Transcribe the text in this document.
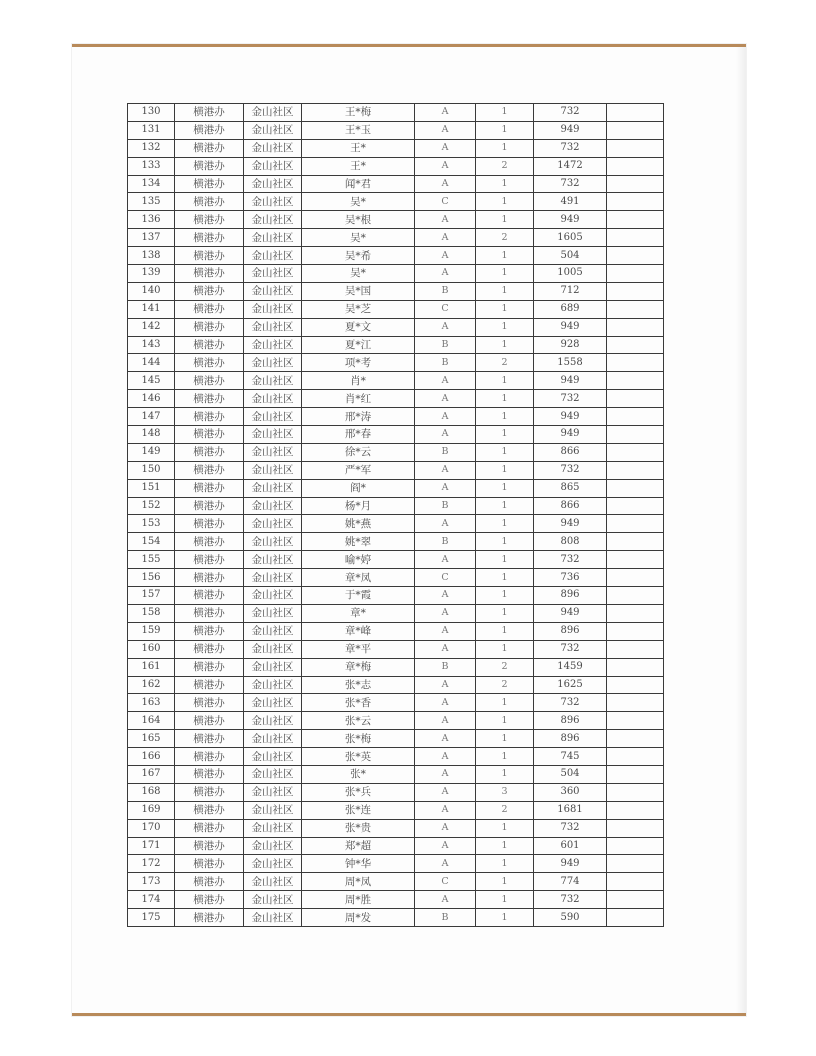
130	横港办	金山社区	王*梅	A	1	732	
131	横港办	金山社区	王*玉	A	1	949	
132	横港办	金山社区	王*	A	1	732	
133	横港办	金山社区	王*	A	2	1472	
134	横港办	金山社区	闻*君	A	1	732	
135	横港办	金山社区	吴*	C	1	491	
136	横港办	金山社区	吴*根	A	1	949	
137	横港办	金山社区	吴*	A	2	1605	
138	横港办	金山社区	吴*希	A	1	504	
139	横港办	金山社区	吴*	A	1	1005	
140	横港办	金山社区	吴*国	B	1	712	
141	横港办	金山社区	吴*芝	C	1	689	
142	横港办	金山社区	夏*文	A	1	949	
143	横港办	金山社区	夏*江	B	1	928	
144	横港办	金山社区	项*考	B	2	1558	
145	横港办	金山社区	肖*	A	1	949	
146	横港办	金山社区	肖*红	A	1	732	
147	横港办	金山社区	邢*涛	A	1	949	
148	横港办	金山社区	邢*春	A	1	949	
149	横港办	金山社区	徐*云	B	1	866	
150	横港办	金山社区	严*军	A	1	732	
151	横港办	金山社区	阎*	A	1	865	
152	横港办	金山社区	杨*月	B	1	866	
153	横港办	金山社区	姚*燕	A	1	949	
154	横港办	金山社区	姚*翠	B	1	808	
155	横港办	金山社区	喻*婷	A	1	732	
156	横港办	金山社区	章*凤	C	1	736	
157	横港办	金山社区	于*霞	A	1	896	
158	横港办	金山社区	章*	A	1	949	
159	横港办	金山社区	章*峰	A	1	896	
160	横港办	金山社区	章*平	A	1	732	
161	横港办	金山社区	章*梅	B	2	1459	
162	横港办	金山社区	张*志	A	2	1625	
163	横港办	金山社区	张*香	A	1	732	
164	横港办	金山社区	张*云	A	1	896	
165	横港办	金山社区	张*梅	A	1	896	
166	横港办	金山社区	张*英	A	1	745	
167	横港办	金山社区	张*	A	1	504	
168	横港办	金山社区	张*兵	A	3	360	
169	横港办	金山社区	张*连	A	2	1681	
170	横港办	金山社区	张*贵	A	1	732	
171	横港办	金山社区	郑*超	A	1	601	
172	横港办	金山社区	钟*华	A	1	949	
173	横港办	金山社区	周*凤	C	1	774	
174	横港办	金山社区	周*胜	A	1	732	
175	横港办	金山社区	周*发	B	1	590	
